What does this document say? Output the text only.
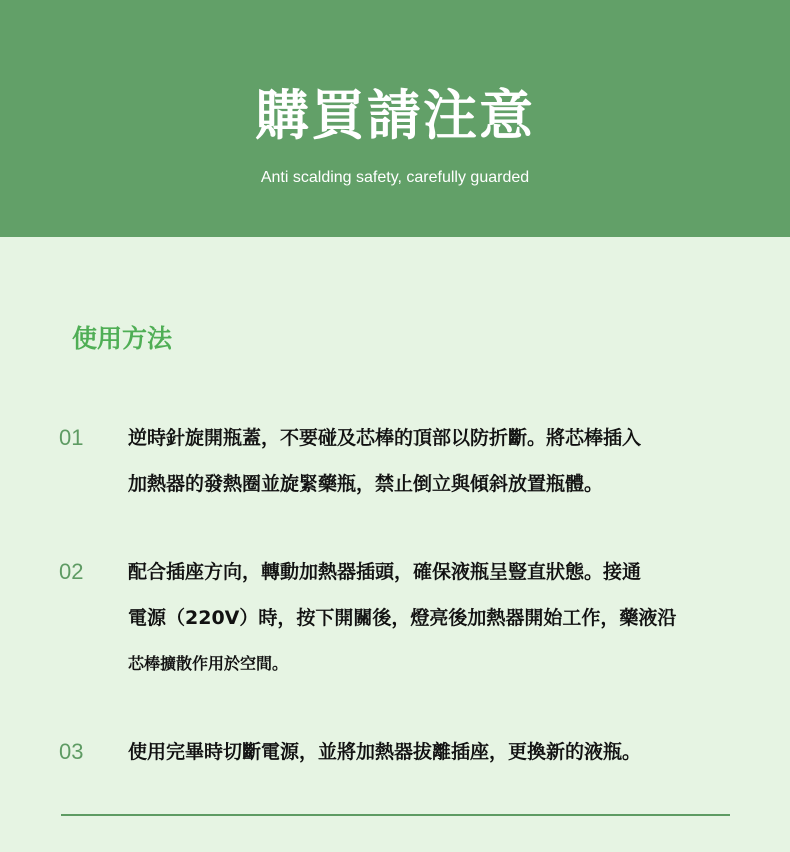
購買請注意
Anti scalding safety, carefully guarded
使用方法
01 逆時針旋開瓶蓋，不要碰及芯棒的頂部以防折斷。將芯棒插入
加熱器的發熱圈並旋緊藥瓶，禁止倒立與傾斜放置瓶體。
02 配合插座方向，轉動加熱器插頭，確保液瓶呈豎直狀態。接通
電源（220V）時，按下開關後，燈亮後加熱器開始工作，藥液沿
芯棒擴散作用於空間。
03 使用完畢時切斷電源，並將加熱器拔離插座，更換新的液瓶。
